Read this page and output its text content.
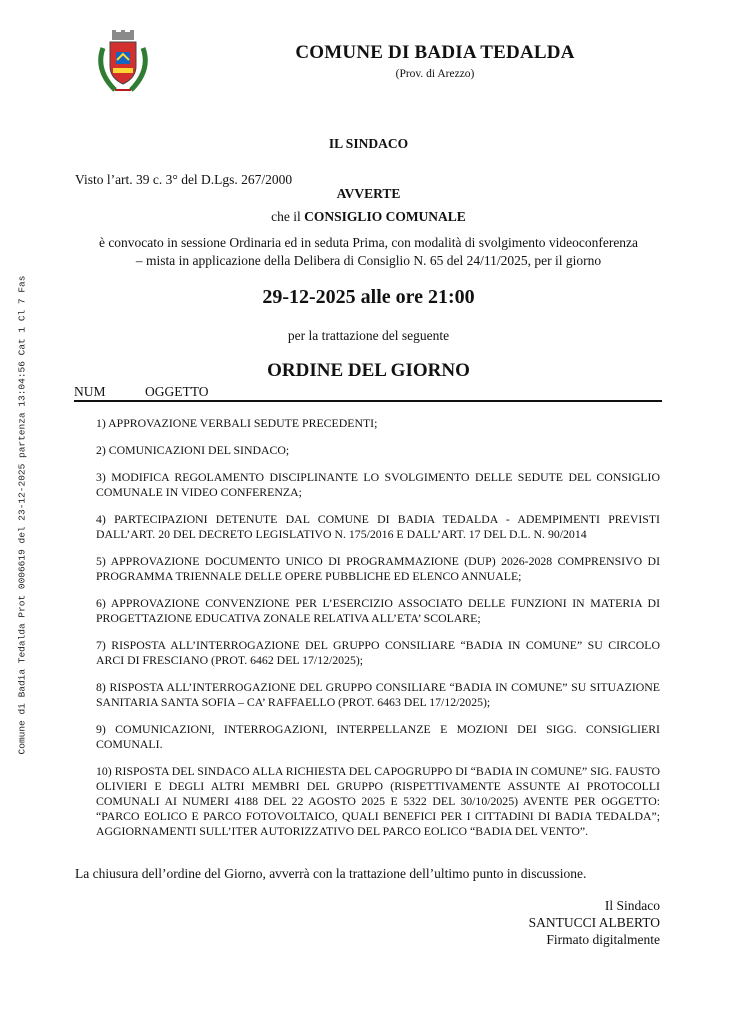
Comune di Badia Tedalda Prot 0006619 del 23-12-2025 partenza 13:04:56 Cat 1 Cl 7 Fas
COMUNE DI BADIA TEDALDA
(Prov. di Arezzo)
IL SINDACO
Visto l’art. 39 c. 3° del D.Lgs. 267/2000
AVVERTE
che il CONSIGLIO COMUNALE
è convocato in sessione Ordinaria ed in seduta Prima, con modalità di svolgimento videoconferenza
– mista in applicazione della Delibera di Consiglio N. 65 del 24/11/2025, per il giorno
29-12-2025 alle ore 21:00
per la trattazione del seguente
ORDINE DEL GIORNO
NUM	OGGETTO
1) APPROVAZIONE VERBALI SEDUTE PRECEDENTI;
2) COMUNICAZIONI DEL SINDACO;
3) MODIFICA REGOLAMENTO DISCIPLINANTE LO SVOLGIMENTO DELLE SEDUTE DEL CONSIGLIO COMUNALE IN VIDEO CONFERENZA;
4) PARTECIPAZIONI DETENUTE DAL COMUNE DI BADIA TEDALDA - ADEMPIMENTI PREVISTI DALL’ART. 20 DEL DECRETO LEGISLATIVO N. 175/2016 E DALL’ART. 17 DEL D.L. N. 90/2014
5) APPROVAZIONE DOCUMENTO UNICO DI PROGRAMMAZIONE (DUP) 2026-2028 COMPRENSIVO DI PROGRAMMA TRIENNALE DELLE OPERE PUBBLICHE ED ELENCO ANNUALE;
6) APPROVAZIONE CONVENZIONE PER L’ESERCIZIO ASSOCIATO DELLE FUNZIONI IN MATERIA DI PROGETTAZIONE EDUCATIVA ZONALE RELATIVA ALL’ETA’ SCOLARE;
7) RISPOSTA ALL’INTERROGAZIONE DEL GRUPPO CONSILIARE “BADIA IN COMUNE” SU CIRCOLO ARCI DI FRESCIANO (PROT. 6462 DEL 17/12/2025);
8) RISPOSTA ALL’INTERROGAZIONE DEL GRUPPO CONSILIARE “BADIA IN COMUNE” SU SITUAZIONE SANITARIA SANTA SOFIA – CA’ RAFFAELLO (PROT. 6463 DEL 17/12/2025);
9) COMUNICAZIONI, INTERROGAZIONI, INTERPELLANZE E MOZIONI DEI SIGG. CONSIGLIERI COMUNALI.
10) RISPOSTA DEL SINDACO ALLA RICHIESTA DEL CAPOGRUPPO DI “BADIA IN COMUNE” SIG. FAUSTO OLIVIERI E DEGLI ALTRI MEMBRI DEL GRUPPO (RISPETTIVAMENTE ASSUNTE AI PROTOCOLLI COMUNALI AI NUMERI 4188 DEL 22 AGOSTO 2025 E 5322 DEL 30/10/2025) AVENTE PER OGGETTO: “PARCO EOLICO E PARCO FOTOVOLTAICO, QUALI BENEFICI PER I CITTADINI DI BADIA TEDALDA”; AGGIORNAMENTI SULL’ITER AUTORIZZATIVO DEL PARCO EOLICO “BADIA DEL VENTO”.
La chiusura dell’ordine del Giorno, avverrà con la trattazione dell’ultimo punto in discussione.
Il Sindaco
SANTUCCI ALBERTO
Firmato digitalmente
